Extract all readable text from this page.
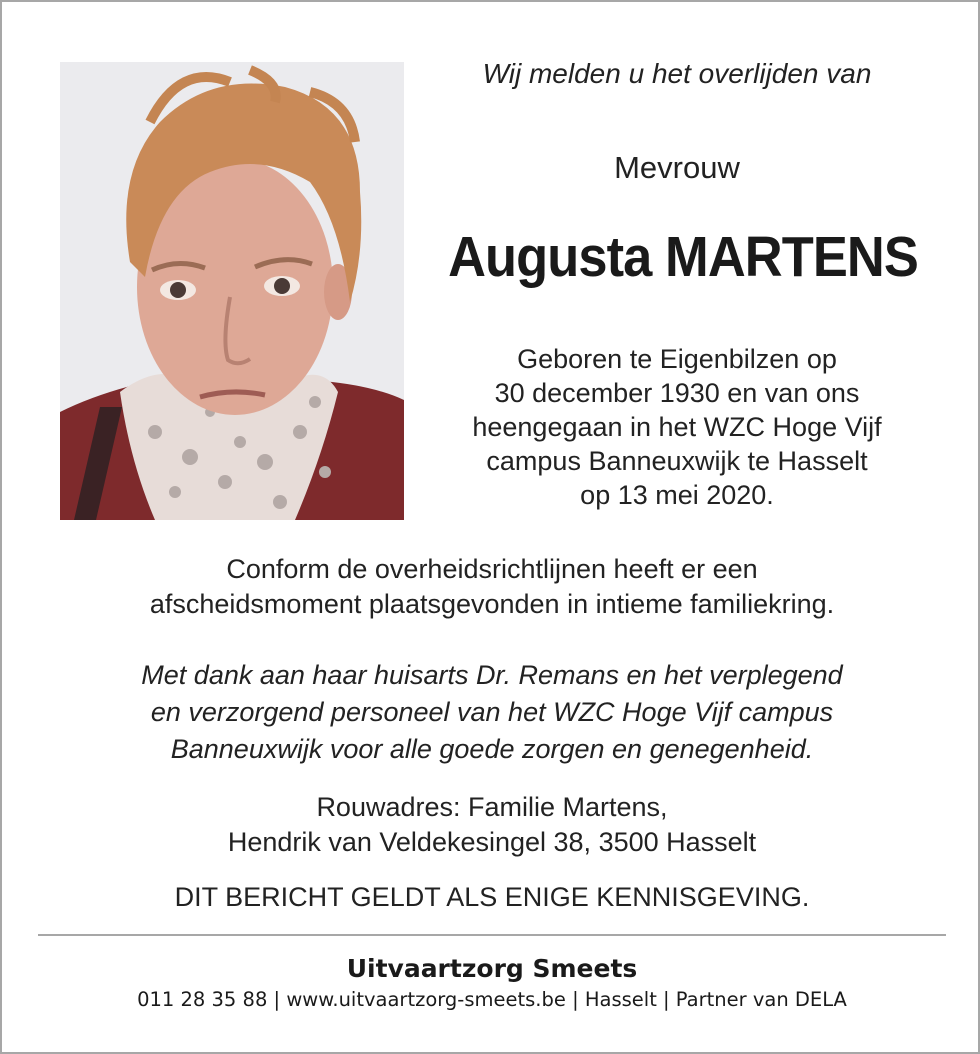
Wij melden u het overlijden van
Mevrouw
Augusta MARTENS
Geboren te Eigenbilzen op
30 december 1930 en van ons
heengegaan in het WZC Hoge Vijf
campus Banneuxwijk te Hasselt
op 13 mei 2020.
Conform de overheidsrichtlijnen heeft er een
afscheidsmoment plaatsgevonden in intieme familiekring.
Met dank aan haar huisarts Dr. Remans en het verplegend
en verzorgend personeel van het WZC Hoge Vijf campus
Banneuxwijk voor alle goede zorgen en genegenheid.
Rouwadres: Familie Martens,
Hendrik van Veldekesingel 38, 3500 Hasselt
DIT BERICHT GELDT ALS ENIGE KENNISGEVING.
Uitvaartzorg Smeets
011 28 35 88 | www.uitvaartzorg-smeets.be | Hasselt | Partner van DELA
